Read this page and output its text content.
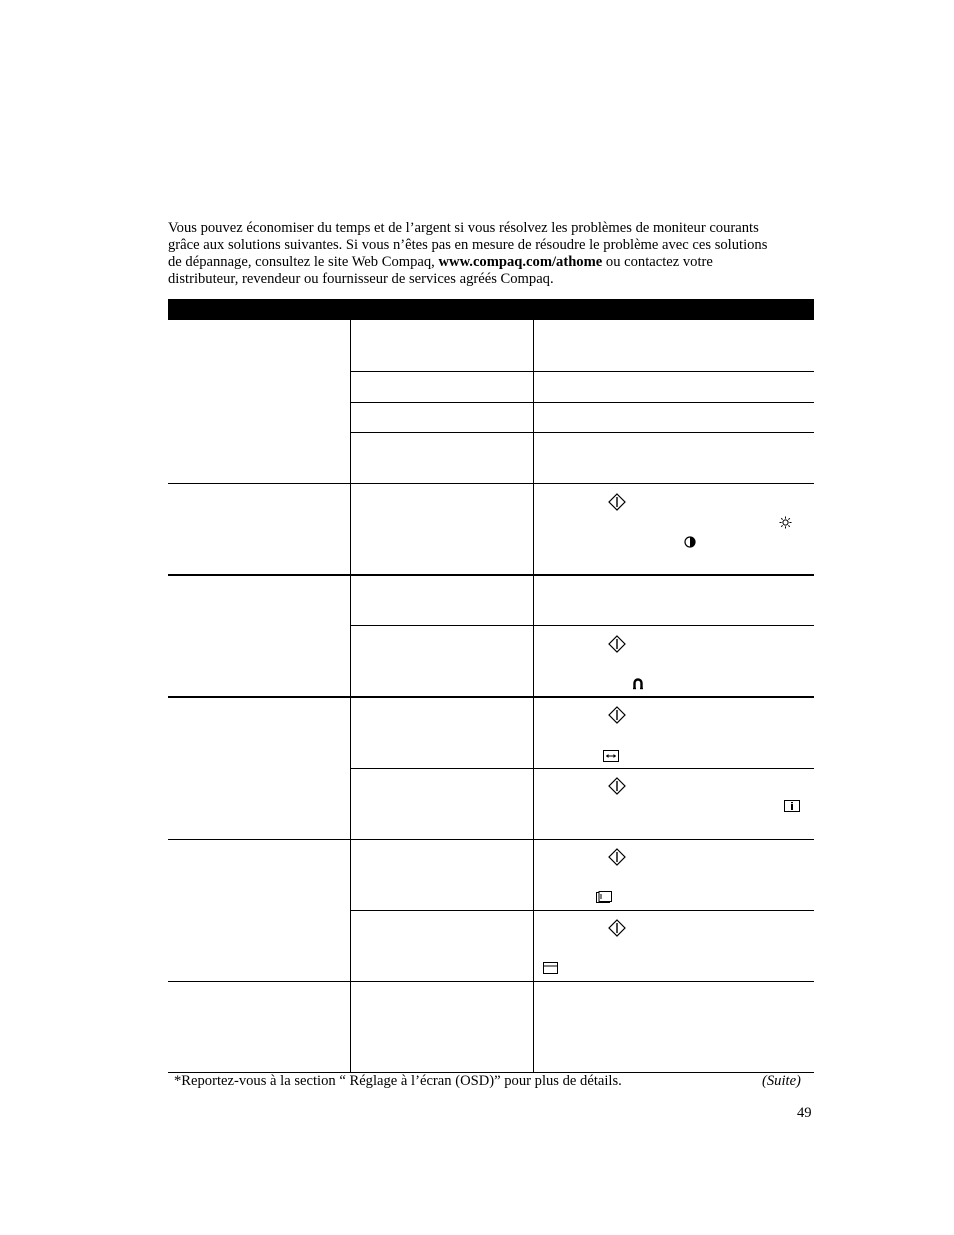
Vous pouvez économiser du temps et de l’argent si vous résolvez les problèmes de moniteur courants
grâce aux solutions suivantes. Si vous n’êtes pas en mesure de résoudre le problème avec ces solutions
de dépannage, consultez le site Web Compaq, www.compaq.com/athome ou contactez votre
distributeur, revendeur ou fournisseur de services agréés Compaq.
*Reportez-vous à la section “ Réglage à l’écran (OSD)” pour plus de détails.	(Suite)
49
